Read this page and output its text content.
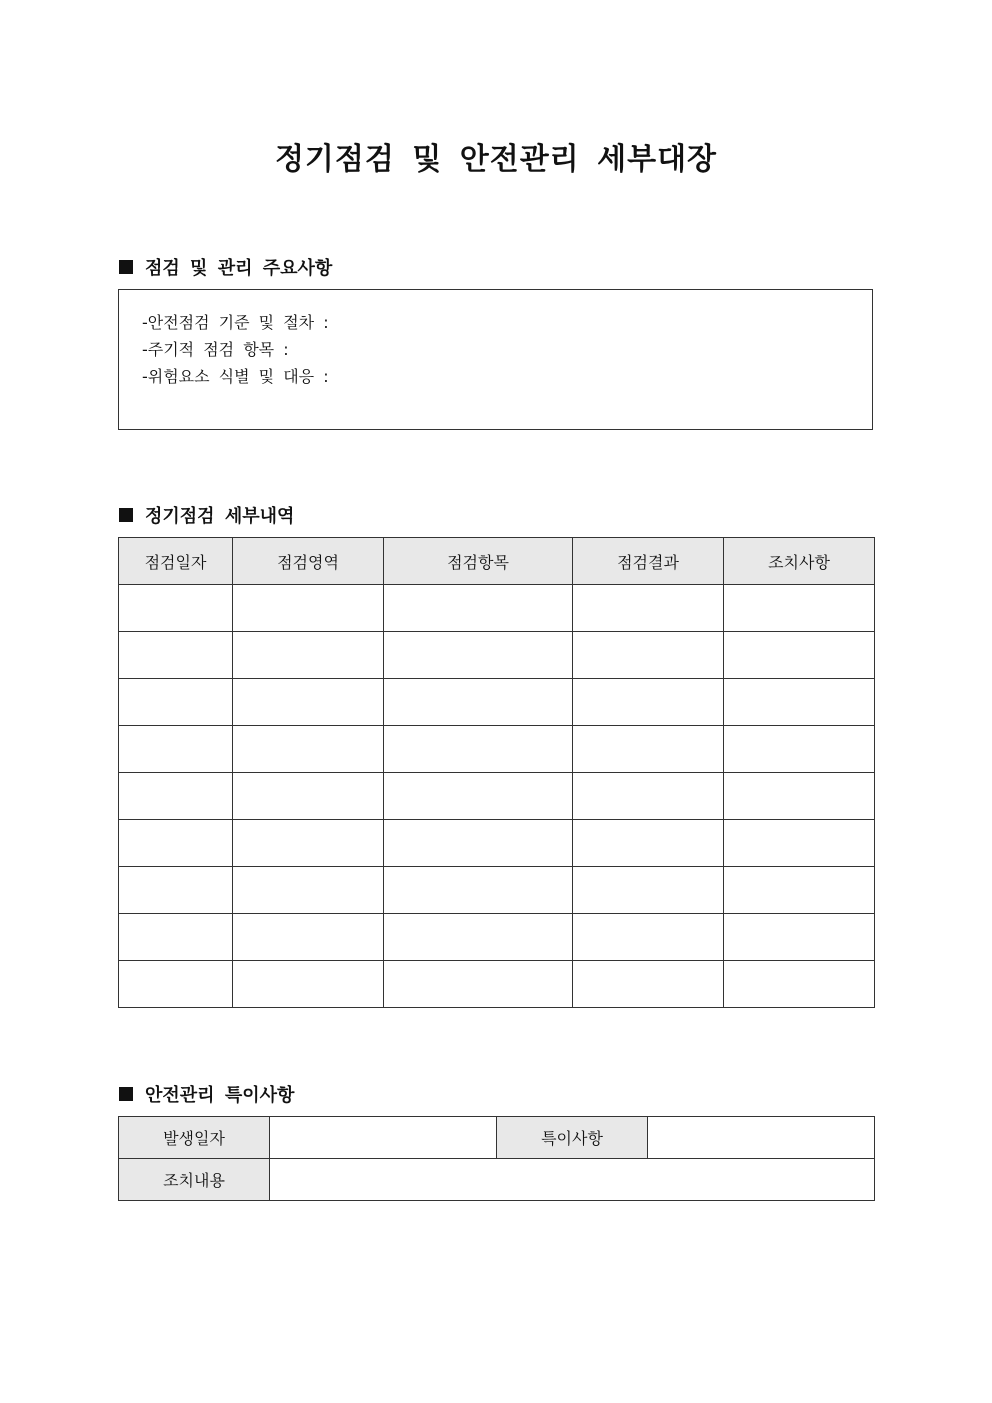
정기점검 및 안전관리 세부대장
점검 및 관리 주요사항
-안전점검 기준 및 절차 :
-주기적 점검 항목 :
-위험요소 식별 및 대응 :
정기점검 세부내역
점검일자	점검영역	점검항목	점검결과	조치사항

안전관리 특이사항
발생일자		특이사항	
조치내용			
